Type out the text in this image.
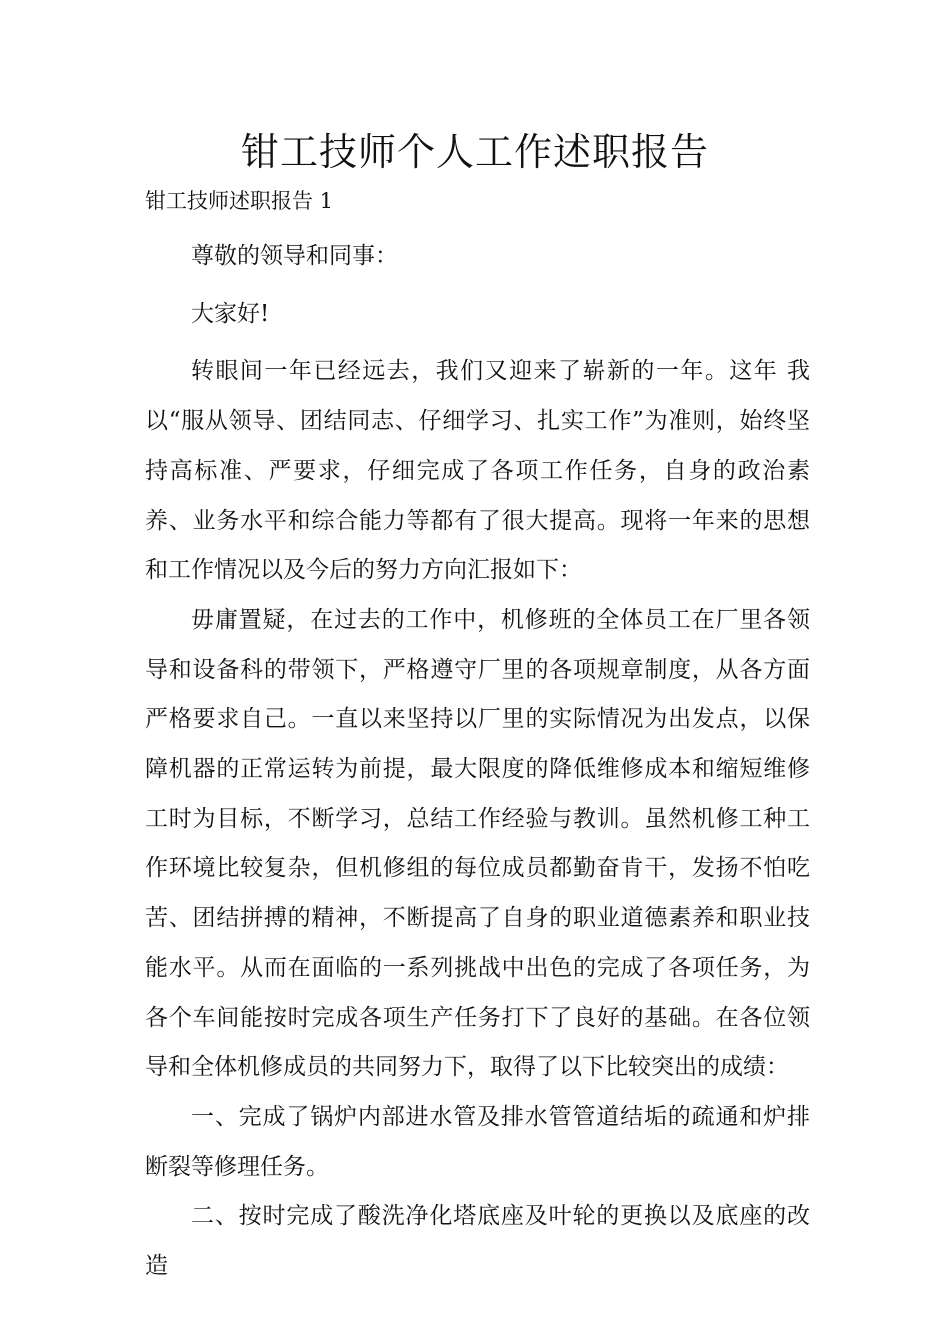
钳工技师个人工作述职报告
钳工技师述职报告 1

尊敬的领导和同事：

大家好!

转眼间一年已经远去，我们又迎来了崭新的一年。这年 我以“服从领导、团结同志、仔细学习、扎实工作”为准则，始终坚持高标准、严要求，仔细完成了各项工作任务，自身的政治素养、业务水平和综合能力等都有了很大提高。现将一年来的思想和工作情况以及今后的努力方向汇报如下：

毋庸置疑，在过去的工作中，机修班的全体员工在厂里各领导和设备科的带领下，严格遵守厂里的各项规章制度，从各方面严格要求自己。一直以来坚持以厂里的实际情况为出发点，以保障机器的正常运转为前提，最大限度的降低维修成本和缩短维修工时为目标，不断学习，总结工作经验与教训。虽然机修工种工作环境比较复杂，但机修组的每位成员都勤奋肯干，发扬不怕吃苦、团结拼搏的精神，不断提高了自身的职业道德素养和职业技能水平。从而在面临的一系列挑战中出色的完成了各项任务，为各个车间能按时完成各项生产任务打下了良好的基础。在各位领导和全体机修成员的共同努力下，取得了以下比较突出的成绩：

一、完成了锅炉内部进水管及排水管管道结垢的疏通和炉排断裂等修理任务。

二、按时完成了酸洗净化塔底座及叶轮的更换以及底座的改造
